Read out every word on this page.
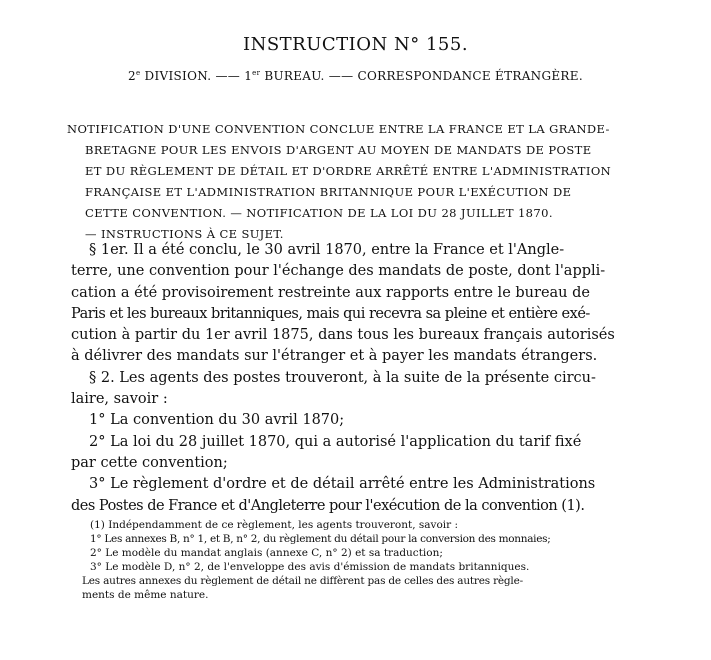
INSTRUCTION N° 155.
2e DIVISION. —— 1er BUREAU. —— CORRESPONDANCE ÉTRANGÈRE.
NOTIFICATION D'UNE CONVENTION CONCLUE ENTRE LA FRANCE ET LA GRANDE-
BRETAGNE POUR LES ENVOIS D'ARGENT AU MOYEN DE MANDATS DE POSTE
ET DU RÈGLEMENT DE DÉTAIL ET D'ORDRE ARRÊTÉ ENTRE L'ADMINISTRATION
FRANÇAISE ET L'ADMINISTRATION BRITANNIQUE POUR L'EXÉCUTION DE
CETTE CONVENTION. — NOTIFICATION DE LA LOI DU 28 JUILLET 1870.
— INSTRUCTIONS À CE SUJET.
§ 1er. Il a été conclu, le 30 avril 1870, entre la France et l'Angle-
terre, une convention pour l'échange des mandats de poste, dont l'appli-
cation a été provisoirement restreinte aux rapports entre le bureau de
Paris et les bureaux britanniques, mais qui recevra sa pleine et entière exé-
cution à partir du 1er avril 1875, dans tous les bureaux français autorisés
à délivrer des mandats sur l'étranger et à payer les mandats étrangers.
§ 2. Les agents des postes trouveront, à la suite de la présente circu-
laire, savoir :
1° La convention du 30 avril 1870;
2° La loi du 28 juillet 1870, qui a autorisé l'application du tarif fixé
par cette convention;
3° Le règlement d'ordre et de détail arrêté entre les Administrations
des Postes de France et d'Angleterre pour l'exécution de la convention (1).
(1) Indépendamment de ce règlement, les agents trouveront, savoir :
1° Les annexes B, n° 1, et B, n° 2, du règlement du détail pour la conversion des monnaies;
2° Le modèle du mandat anglais (annexe C, n° 2) et sa traduction;
3° Le modèle D, n° 2, de l'enveloppe des avis d'émission de mandats britanniques.
Les autres annexes du règlement de détail ne diffèrent pas de celles des autres règle-
ments de même nature.
